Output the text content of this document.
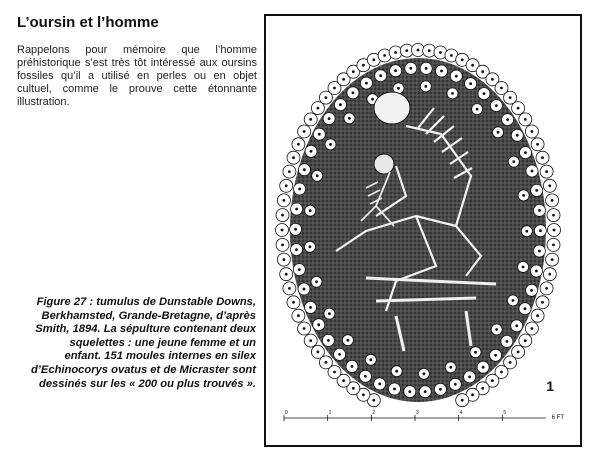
L’oursin et l’homme
Rappelons pour mémoire que l’homme préhistorique s’est très tôt intéressé aux oursins fossiles qu’il a utilisé en perles ou en objet cultuel, comme le prouve cette étonnante illustration.
Figure 27 : tumulus de Dunstable Downs, Berkhamsted, Grande-Bretagne, d’après Smith, 1894. La sépulture contenant deux squelettes : une jeune femme et un enfant. 151 moules internes en silex d’Echinocorys ovatus et de Micraster sont dessinés sur les « 200 ou plus trouvés ».
0	1	2	3	4	5
1
6 FT
